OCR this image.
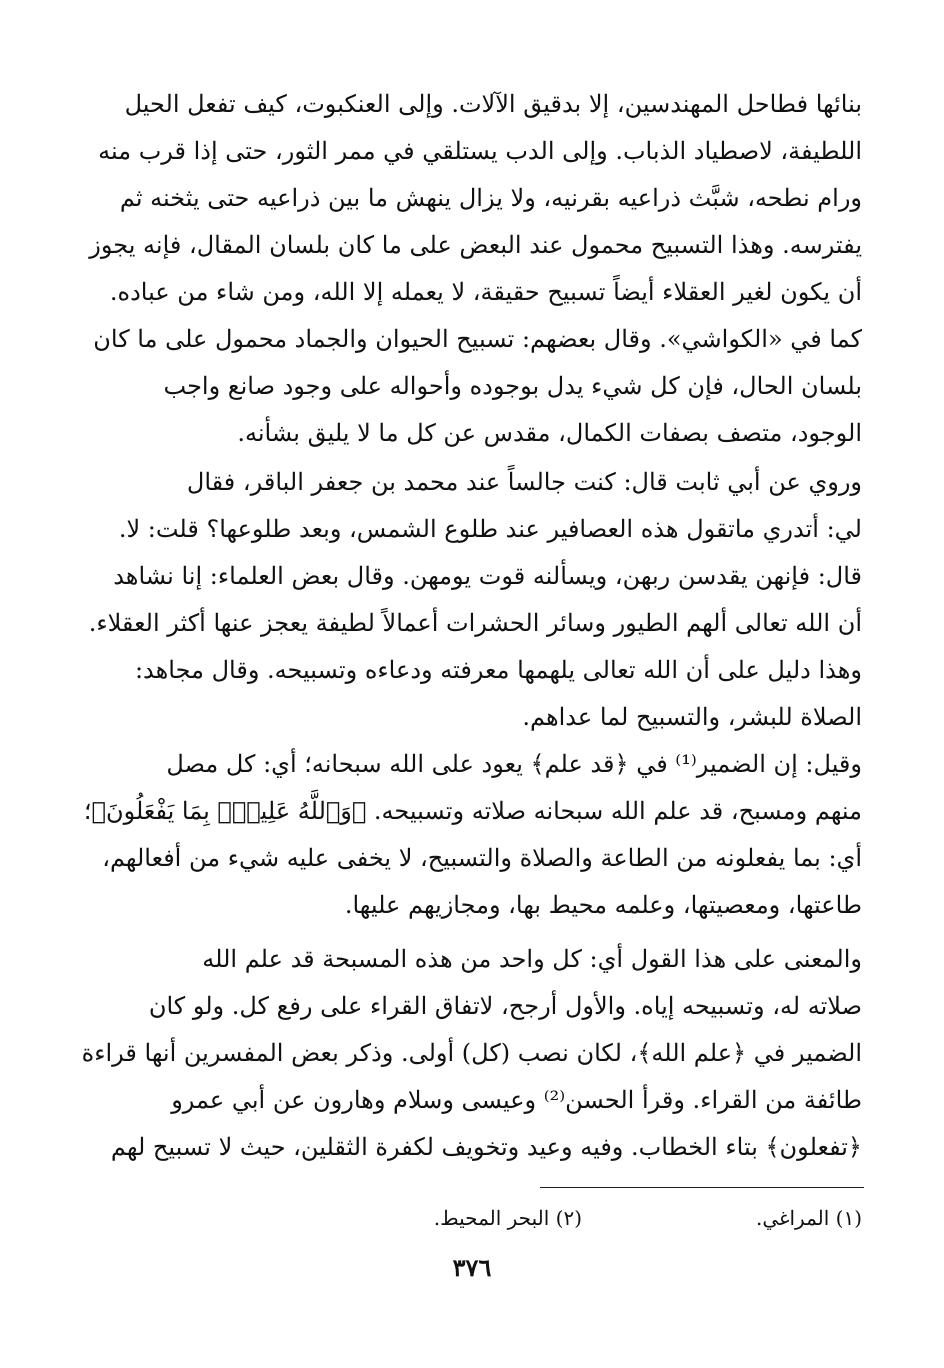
بنائها فطاحل المهندسين، إلا بدقيق الآلات. وإلى العنكبوت، كيف تفعل الحيل
اللطيفة، لاصطياد الذباب. وإلى الدب يستلقي في ممر الثور، حتى إذا قرب منه
ورام نطحه، شبَّث ذراعيه بقرنيه، ولا يزال ينهش ما بين ذراعيه حتى يثخنه ثم
يفترسه. وهذا التسبيح محمول عند البعض على ما كان بلسان المقال، فإنه يجوز
أن يكون لغير العقلاء أيضاً تسبيح حقيقة، لا يعمله إلا الله، ومن شاء من عباده.
كما في «الكواشي». وقال بعضهم: تسبيح الحيوان والجماد محمول على ما كان
بلسان الحال، فإن كل شيء يدل بوجوده وأحواله على وجود صانع واجب
الوجود، متصف بصفات الكمال، مقدس عن كل ما لا يليق بشأنه.
وروي عن أبي ثابت قال: كنت جالساً عند محمد بن جعفر الباقر، فقال
لي: أتدري ماتقول هذه العصافير عند طلوع الشمس، وبعد طلوعها؟ قلت: لا.
قال: فإنهن يقدسن ربهن، ويسألنه قوت يومهن. وقال بعض العلماء: إنا نشاهد
أن الله تعالى ألهم الطيور وسائر الحشرات أعمالاً لطيفة يعجز عنها أكثر العقلاء.
وهذا دليل على أن الله تعالى يلهمها معرفته ودعاءه وتسبيحه. وقال مجاهد:
الصلاة للبشر، والتسبيح لما عداهم.
وقيل: إن الضمير⁽¹⁾ في ﴿قد علم﴾ يعود على الله سبحانه؛ أي: كل مصل
منهم ومسبح، قد علم الله سبحانه صلاته وتسبيحه. ﴿وَٱللَّهُ عَلِيمٌۢ بِمَا يَفْعَلُونَ﴾؛
أي: بما يفعلونه من الطاعة والصلاة والتسبيح، لا يخفى عليه شيء من أفعالهم،
طاعتها، ومعصيتها، وعلمه محيط بها، ومجازيهم عليها.
والمعنى على هذا القول أي: كل واحد من هذه المسبحة قد علم الله
صلاته له، وتسبيحه إياه. والأول أرجح، لاتفاق القراء على رفع كل. ولو كان
الضمير في ﴿علم الله﴾، لكان نصب (كل) أولى. وذكر بعض المفسرين أنها قراءة
طائفة من القراء. وقرأ الحسن⁽²⁾ وعيسى وسلام وهارون عن أبي عمرو
﴿تفعلون﴾ بتاء الخطاب. وفيه وعيد وتخويف لكفرة الثقلين، حيث لا تسبيح لهم
(١) المراغي.
(٢) البحر المحيط.
٣٧٦
